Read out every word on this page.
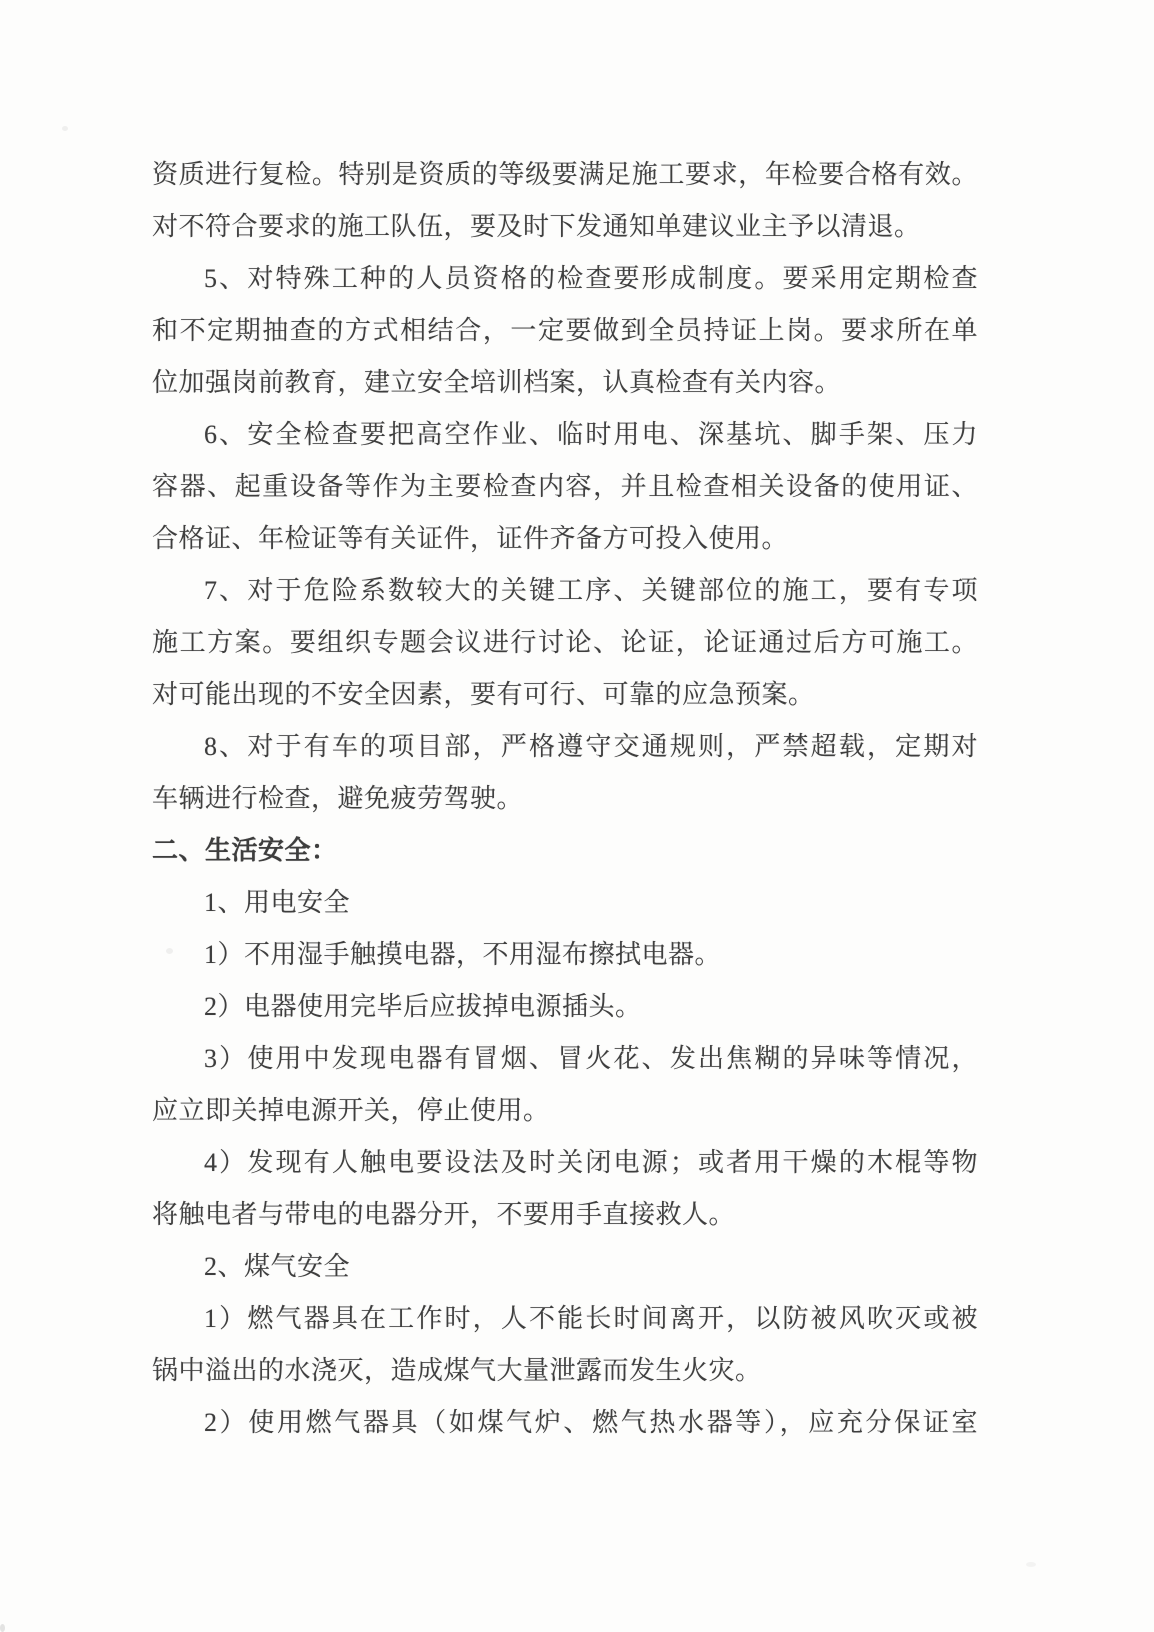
资质进行复检。特别是资质的等级要满足施工要求，年检要合格有效。
对不符合要求的施工队伍，要及时下发通知单建议业主予以清退。
5、对特殊工种的人员资格的检查要形成制度。要采用定期检查
和不定期抽查的方式相结合，一定要做到全员持证上岗。要求所在单
位加强岗前教育，建立安全培训档案，认真检查有关内容。
6、安全检查要把高空作业、临时用电、深基坑、脚手架、压力
容器、起重设备等作为主要检查内容，并且检查相关设备的使用证、
合格证、年检证等有关证件，证件齐备方可投入使用。
7、对于危险系数较大的关键工序、关键部位的施工，要有专项
施工方案。要组织专题会议进行讨论、论证，论证通过后方可施工。
对可能出现的不安全因素，要有可行、可靠的应急预案。
8、对于有车的项目部，严格遵守交通规则，严禁超载，定期对
车辆进行检查，避免疲劳驾驶。
二、生活安全：
1、用电安全
1）不用湿手触摸电器，不用湿布擦拭电器。
2）电器使用完毕后应拔掉电源插头。
3）使用中发现电器有冒烟、冒火花、发出焦糊的异味等情况，
应立即关掉电源开关，停止使用。
4）发现有人触电要设法及时关闭电源；或者用干燥的木棍等物
将触电者与带电的电器分开，不要用手直接救人。
2、煤气安全
1）燃气器具在工作时，人不能长时间离开，以防被风吹灭或被
锅中溢出的水浇灭，造成煤气大量泄露而发生火灾。
2）使用燃气器具（如煤气炉、燃气热水器等），应充分保证室
